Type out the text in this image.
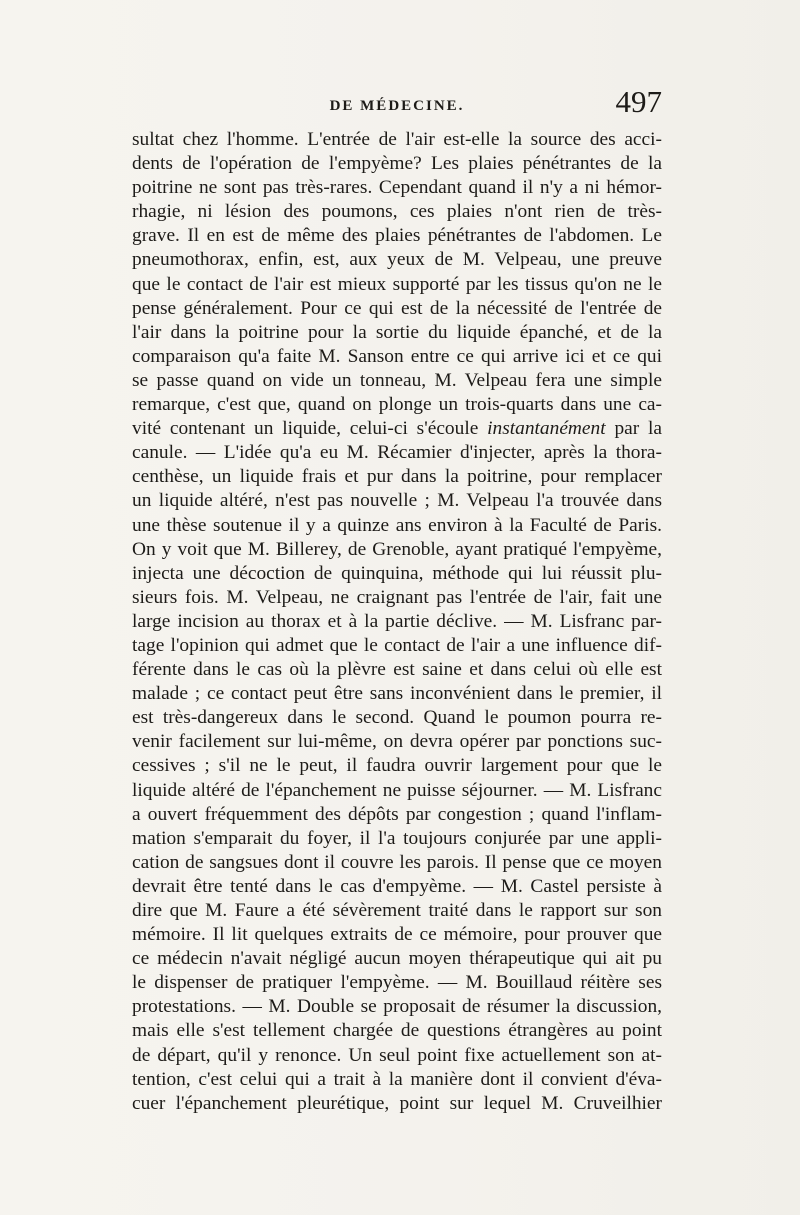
DE MÉDECINE.	497
sultat chez l'homme. L'entrée de l'air est-elle la source des acci-
dents de l'opération de l'empyème? Les plaies pénétrantes de la
poitrine ne sont pas très-rares. Cependant quand il n'y a ni hémor-
rhagie, ni lésion des poumons, ces plaies n'ont rien de très-
grave. Il en est de même des plaies pénétrantes de l'abdomen. Le
pneumothorax, enfin, est, aux yeux de M. Velpeau, une preuve
que le contact de l'air est mieux supporté par les tissus qu'on ne le
pense généralement. Pour ce qui est de la nécessité de l'entrée de
l'air dans la poitrine pour la sortie du liquide épanché, et de la
comparaison qu'a faite M. Sanson entre ce qui arrive ici et ce qui
se passe quand on vide un tonneau, M. Velpeau fera une simple
remarque, c'est que, quand on plonge un trois-quarts dans une ca-
vité contenant un liquide, celui-ci s'écoule instantanément par la
canule. — L'idée qu'a eu M. Récamier d'injecter, après la thora-
centhèse, un liquide frais et pur dans la poitrine, pour remplacer
un liquide altéré, n'est pas nouvelle ; M. Velpeau l'a trouvée dans
une thèse soutenue il y a quinze ans environ à la Faculté de Paris.
On y voit que M. Billerey, de Grenoble, ayant pratiqué l'empyème,
injecta une décoction de quinquina, méthode qui lui réussit plu-
sieurs fois. M. Velpeau, ne craignant pas l'entrée de l'air, fait une
large incision au thorax et à la partie déclive. — M. Lisfranc par-
tage l'opinion qui admet que le contact de l'air a une influence dif-
férente dans le cas où la plèvre est saine et dans celui où elle est
malade ; ce contact peut être sans inconvénient dans le premier, il
est très-dangereux dans le second. Quand le poumon pourra re-
venir facilement sur lui-même, on devra opérer par ponctions suc-
cessives ; s'il ne le peut, il faudra ouvrir largement pour que le
liquide altéré de l'épanchement ne puisse séjourner. — M. Lisfranc
a ouvert fréquemment des dépôts par congestion ; quand l'inflam-
mation s'emparait du foyer, il l'a toujours conjurée par une appli-
cation de sangsues dont il couvre les parois. Il pense que ce moyen
devrait être tenté dans le cas d'empyème. — M. Castel persiste à
dire que M. Faure a été sévèrement traité dans le rapport sur son
mémoire. Il lit quelques extraits de ce mémoire, pour prouver que
ce médecin n'avait négligé aucun moyen thérapeutique qui ait pu
le dispenser de pratiquer l'empyème. — M. Bouillaud réitère ses
protestations. — M. Double se proposait de résumer la discussion,
mais elle s'est tellement chargée de questions étrangères au point
de départ, qu'il y renonce. Un seul point fixe actuellement son at-
tention, c'est celui qui a trait à la manière dont il convient d'éva-
cuer l'épanchement pleurétique, point sur lequel M. Cruveilhier
